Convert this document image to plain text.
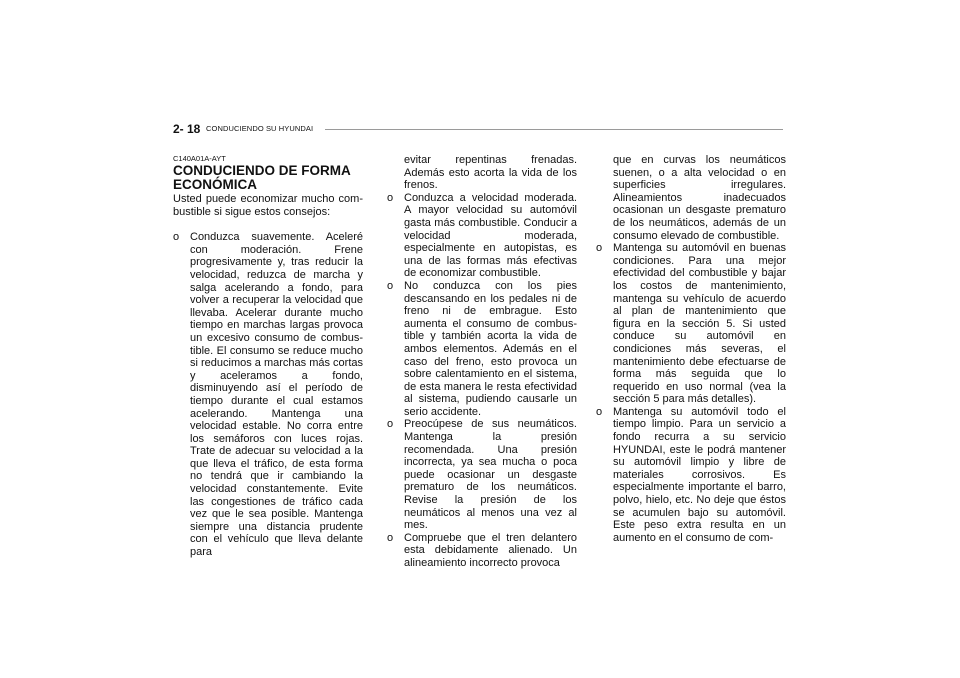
2- 18 CONDUCIENDO SU HYUNDAI

C140A01A-AYT

CONDUCIENDO DE FORMA ECONÓMICA

Usted puede economizar mucho com-bustible si sigue estos consejos:

o Conduzca suavemente. Aceleré con moderación. Frene progresivamente y, tras reducir la velocidad, reduzca de marcha y salga acelerando a fondo, para volver a recuperar la velocidad que llevaba. Acelerar durante mucho tiempo en marchas largas provoca un excesivo consumo de combus-tible. El consumo se reduce mucho si reducimos a marchas más cortas y aceleramos a fondo, disminuyendo así el período de tiempo durante el cual estamos acelerando. Mantenga una velocidad estable. No corra entre los semáforos con luces rojas. Trate de adecuar su velocidad a la que lleva el tráfico, de esta forma no tendrá que ir cambiando la velocidad constantemente. Evite las congestiones de tráfico cada vez que le sea posible. Mantenga siempre una distancia prudente con el vehículo que lleva delante para

evitar repentinas frenadas. Además esto acorta la vida de los frenos.

o Conduzca a velocidad moderada. A mayor velocidad su automóvil gasta más combustible. Conducir a velocidad moderada, especialmente en autopistas, es una de las formas más efectivas de economizar combustible.
o No conduzca con los pies descansando en los pedales ni de freno ni de embrague. Esto aumenta el consumo de combus-tible y también acorta la vida de ambos elementos. Además en el caso del freno, esto provoca un sobre calentamiento en el sistema, de esta manera le resta efectividad al sistema, pudiendo causarle un serio accidente.
o Preocúpese de sus neumáticos. Mantenga la presión recomendada. Una presión incorrecta, ya sea mucha o poca puede ocasionar un desgaste prematuro de los neumáticos. Revise la presión de los neumáticos al menos una vez al mes.
o Compruebe que el tren delantero esta debidamente alienado. Un alineamiento incorrecto provoca

que en curvas los neumáticos suenen, o a alta velocidad o en superficies irregulares. Alineamientos inadecuados ocasionan un desgaste prematuro de los neumáticos, además de un consumo elevado de combustible.

o Mantenga su automóvil en buenas condiciones. Para una mejor efectividad del combustible y bajar los costos de mantenimiento, mantenga su vehículo de acuerdo al plan de mantenimiento que figura en la sección 5. Si usted conduce su automóvil en condiciones más severas, el mantenimiento debe efectuarse de forma más seguida que lo requerido en uso normal (vea la sección 5 para más detalles).
o Mantenga su automóvil todo el tiempo limpio. Para un servicio a fondo recurra a su servicio HYUNDAI, este le podrá mantener su automóvil limpio y libre de materiales corrosivos. Es especialmente importante el barro, polvo, hielo, etc. No deje que éstos se acumulen bajo su automóvil. Este peso extra resulta en un aumento en el consumo de com-
